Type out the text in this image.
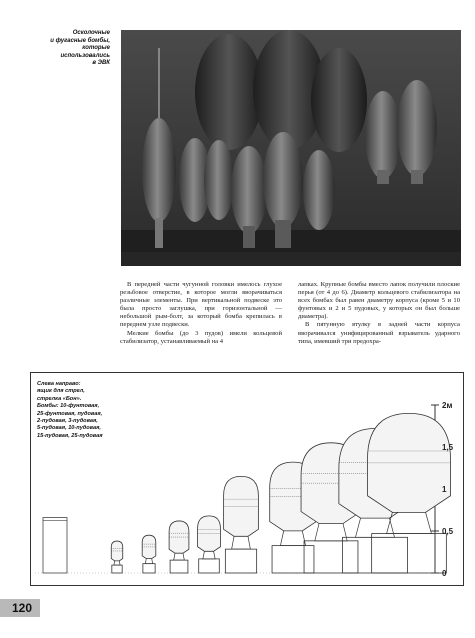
Осколочные
и фугасные бомбы,
которые использовались
в ЭВК

В передней части чугунной головки имелось глухое резьбовое отверстие, в которое могли вворачиваться различные элементы. При вертикальной подвеске это была просто заглушка, при горизонтальной — небольшой рым-болт, за который бомба крепилась в переднем узле подвески.

Мелкие бомбы (до 3 пудов) имели кольцевой стабилизатор, устанавливаемый на 4

лапках. Крупные бомбы вместо лапок получили плоские перья (от 4 до 6). Диаметр кольцевого стабилизатора на всех бомбах был равен диаметру корпуса (кроме 5 и 10 фунтовых и 2 и 5 пудовых, у которых он был больше диаметра).

В пятунную втулку в задней части корпуса вворачивался унифицированный взрыватель ударного типа, имевший три предохра-

Слева направо:
ящик для стрел,
стрелка «Бон».
Бомбы: 10-фунтовая,
25-фунтовая, пудовая,
2-пудовая, 3-пудовая,
5-пудовая, 10-пудовая,
15-пудовая, 25-пудовая
2м
1,5
1
0,5
0
120
